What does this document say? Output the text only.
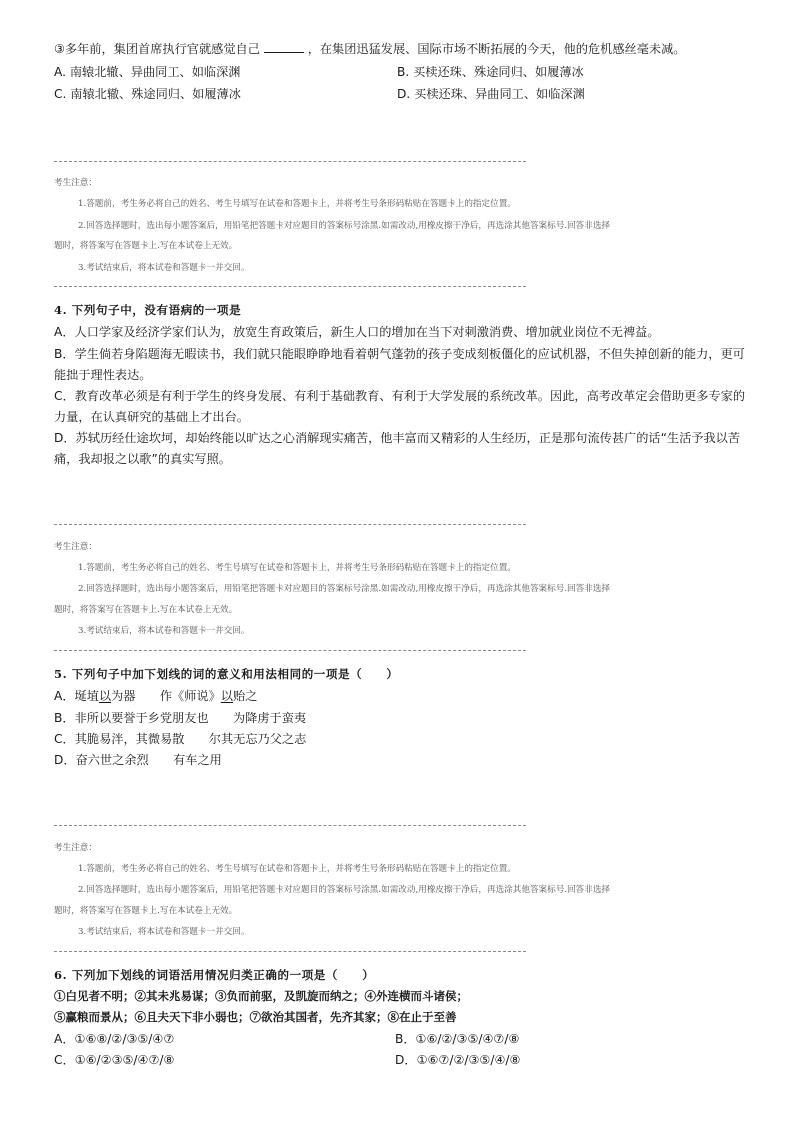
③多年前，集团首席执行官就感觉自己	，在集团迅猛发展、国际市场不断拓展的今天，他的危机感丝毫未减。
A. 南辕北辙、异曲同工、如临深渊	B. 买椟还珠、殊途同归、如履薄冰
C. 南辕北辙、殊途同归、如履薄冰	D. 买椟还珠、异曲同工、如临深渊
考生注意：
1.答题前，考生务必将自己的姓名、考生号填写在试卷和答题卡上，并将考生号条形码粘贴在答题卡上的指定位置。
2.回答选择题时，选出每小题答案后，用铅笔把答题卡对应题目的答案标号涂黑.如需改动,用橡皮擦干净后，再选涂其他答案标号.回答非选择
题时，将答案写在答题卡上.写在本试卷上无效。
3.考试结束后，将本试卷和答题卡一并交回。
4. 下列句子中，没有语病的一项是
A．人口学家及经济学家们认为，放宽生育政策后，新生人口的增加在当下对刺激消费、增加就业岗位不无裨益。
B．学生倘若身陷题海无暇读书，我们就只能眼睁睁地看着朝气蓬勃的孩子变成刻板僵化的应试机器，不但失掉创新的能力，更可
能拙于理性表达。
C．教育改革必须是有利于学生的终身发展、有利于基础教育、有利于大学发展的系统改革。因此，高考改革定会借助更多专家的
力量，在认真研究的基础上才出台。
D．苏轼历经仕途坎坷，却始终能以旷达之心消解现实痛苦，他丰富而又精彩的人生经历，正是那句流传甚广的话“生活予我以苦
痛，我却报之以歌”的真实写照。
考生注意：
1.答题前，考生务必将自己的姓名、考生号填写在试卷和答题卡上，并将考生号条形码粘贴在答题卡上的指定位置。
2.回答选择题时，选出每小题答案后，用铅笔把答题卡对应题目的答案标号涂黑.如需改动,用橡皮擦干净后，再选涂其他答案标号.回答非选择
题时，将答案写在答题卡上.写在本试卷上无效。
3.考试结束后，将本试卷和答题卡一并交回。
5. 下列句子中加下划线的词的意义和用法相同的一项是（　　）
A．埏埴以为器　　作《师说》以贻之
B．非所以要誉于乡党朋友也　　为降虏于蛮夷
C．其脆易泮，其微易散　　尔其无忘乃父之志
D．奋六世之余烈　　有车之用
考生注意：
1.答题前，考生务必将自己的姓名、考生号填写在试卷和答题卡上，并将考生号条形码粘贴在答题卡上的指定位置。
2.回答选择题时，选出每小题答案后，用铅笔把答题卡对应题目的答案标号涂黑.如需改动,用橡皮擦干净后，再选涂其他答案标号.回答非选择
题时，将答案写在答题卡上.写在本试卷上无效。
3.考试结束后，将本试卷和答题卡一并交回。
6. 下列加下划线的词语活用情况归类正确的一项是（　　）
①白见者不明；②其未兆易谋；③负而前驱，及凯旋而纳之；④外连横而斗诸侯；
⑤赢粮而景从；⑥且夫天下非小弱也；⑦欲治其国者，先齐其家；⑧在止于至善
A．①⑥⑧/②/③⑤/④⑦	B．①⑥/②/③⑤/④⑦/⑧
C．①⑥/②③⑤/④⑦/⑧	D．①⑥⑦/②/③⑤/④/⑧
